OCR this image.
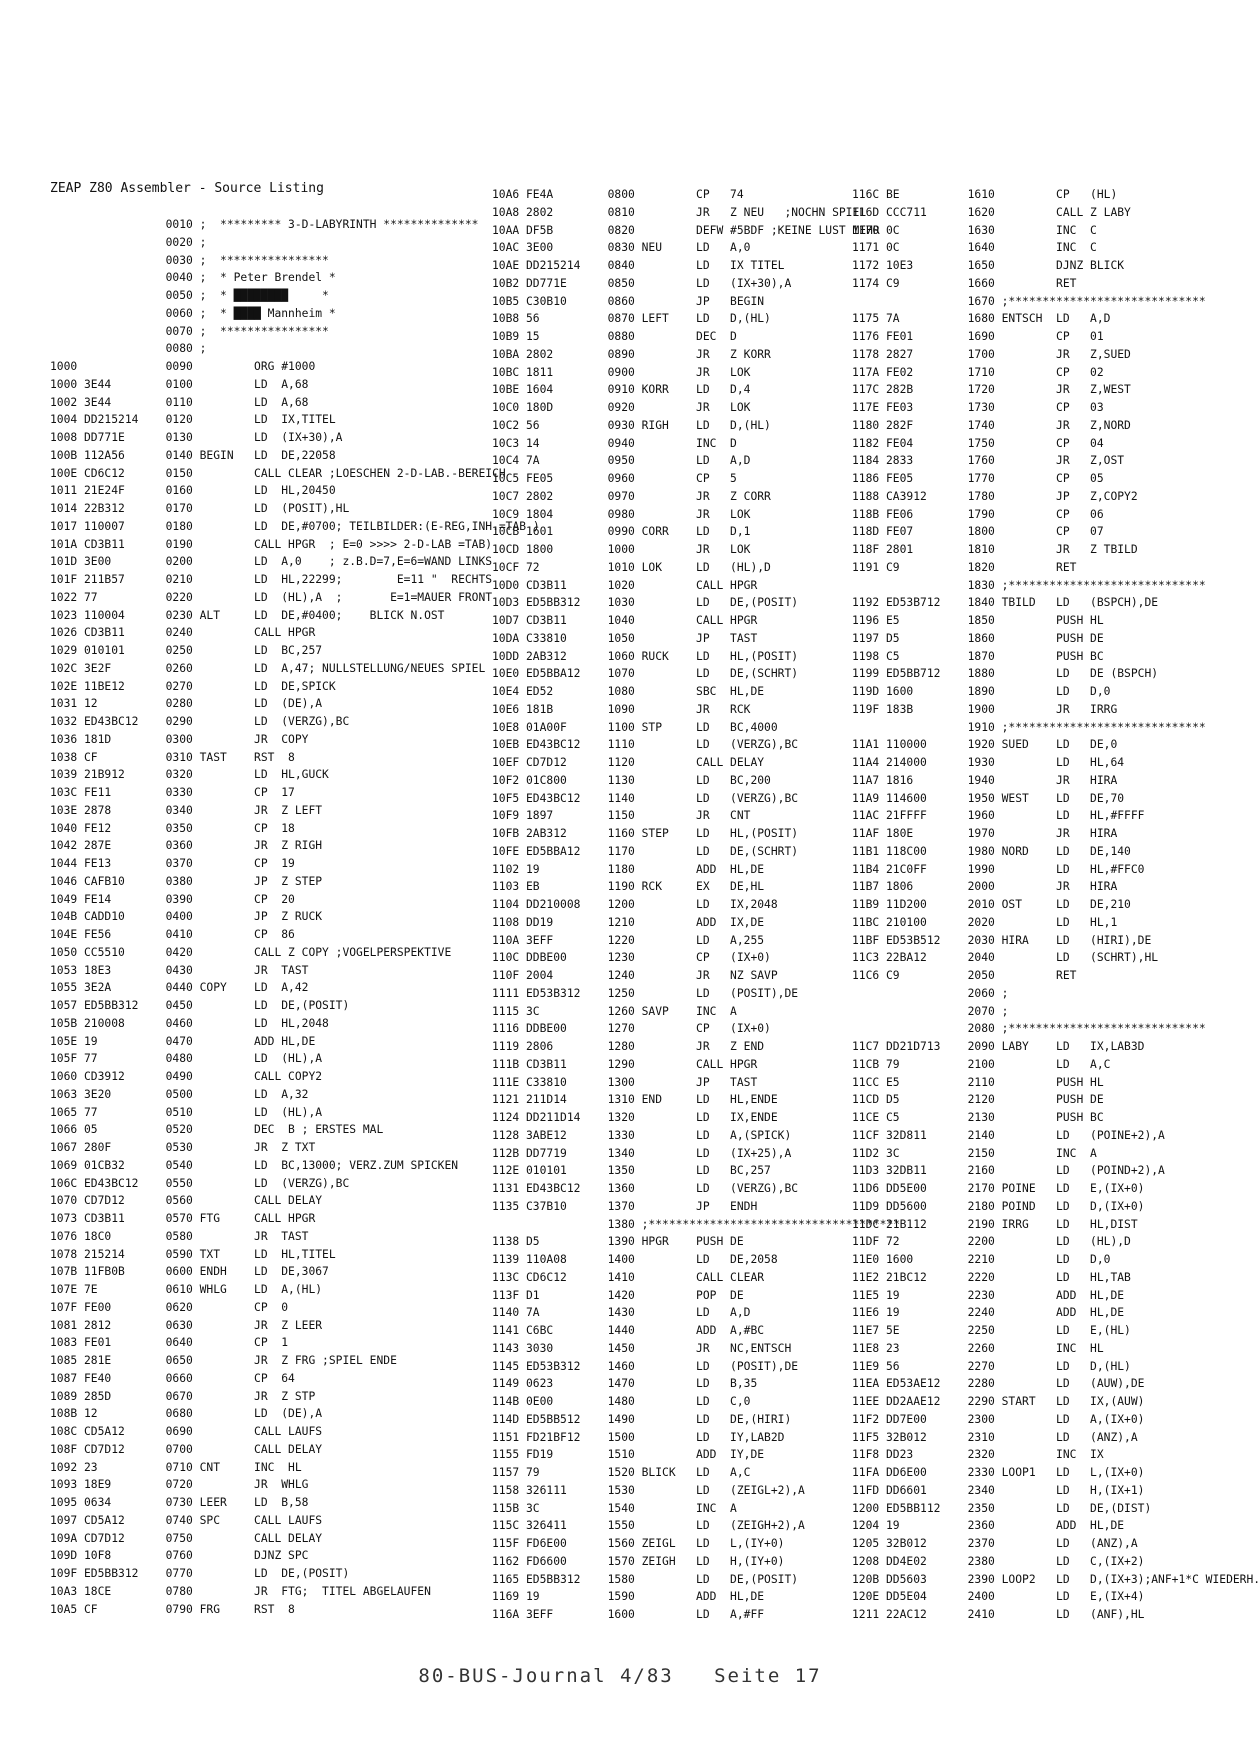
ZEAP Z80 Assembler - Source Listing
0010 ;  ********* 3-D-LABYRINTH **************
0020 ;
0030 ;  ****************
0040 ;  * Peter Brendel *
0050 ;  * ████████     *
0060 ;  * ████ Mannheim *
0070 ;  ****************
0080 ;
1000             0090         ORG #1000
1000 3E44        0100         LD  A,68
1002 3E44        0110         LD  A,68
1004 DD215214    0120         LD  IX,TITEL
1008 DD771E      0130         LD  (IX+30),A
100B 112A56      0140 BEGIN   LD  DE,22058
100E CD6C12      0150         CALL CLEAR ;LOESCHEN 2-D-LAB.-BEREICH
1011 21E24F      0160         LD  HL,20450
1014 22B312      0170         LD  (POSIT),HL
1017 110007      0180         LD  DE,#0700; TEILBILDER:(E-REG,INH.=TAB )
101A CD3B11      0190         CALL HPGR  ; E=0 >>>> 2-D-LAB =TAB)
101D 3E00        0200         LD  A,0    ; z.B.D=7,E=6=WAND LINKS
101F 211B57      0210         LD  HL,22299;        E=11 "  RECHTS
1022 77          0220         LD  (HL),A  ;       E=1=MAUER FRONT
1023 110004      0230 ALT     LD  DE,#0400;    BLICK N.OST
1026 CD3B11      0240         CALL HPGR
1029 010101      0250         LD  BC,257
102C 3E2F        0260         LD  A,47; NULLSTELLUNG/NEUES SPIEL
102E 11BE12      0270         LD  DE,SPICK
1031 12          0280         LD  (DE),A
1032 ED43BC12    0290         LD  (VERZG),BC
1036 181D        0300         JR  COPY
1038 CF          0310 TAST    RST  8
1039 21B912      0320         LD  HL,GUCK
103C FE11        0330         CP  17
103E 2878        0340         JR  Z LEFT
1040 FE12        0350         CP  18
1042 287E        0360         JR  Z RIGH
1044 FE13        0370         CP  19
1046 CAFB10      0380         JP  Z STEP
1049 FE14        0390         CP  20
104B CADD10      0400         JP  Z RUCK
104E FE56        0410         CP  86
1050 CC5510      0420         CALL Z COPY ;VOGELPERSPEKTIVE
1053 18E3        0430         JR  TAST
1055 3E2A        0440 COPY    LD  A,42
1057 ED5BB312    0450         LD  DE,(POSIT)
105B 210008      0460         LD  HL,2048
105E 19          0470         ADD HL,DE
105F 77          0480         LD  (HL),A
1060 CD3912      0490         CALL COPY2
1063 3E20        0500         LD  A,32
1065 77          0510         LD  (HL),A
1066 05          0520         DEC  B ; ERSTES MAL
1067 280F        0530         JR  Z TXT
1069 01CB32      0540         LD  BC,13000; VERZ.ZUM SPICKEN
106C ED43BC12    0550         LD  (VERZG),BC
1070 CD7D12      0560         CALL DELAY
1073 CD3B11      0570 FTG     CALL HPGR
1076 18C0        0580         JR  TAST
1078 215214      0590 TXT     LD  HL,TITEL
107B 11FB0B      0600 ENDH    LD  DE,3067
107E 7E          0610 WHLG    LD  A,(HL)
107F FE00        0620         CP  0
1081 2812        0630         JR  Z LEER
1083 FE01        0640         CP  1
1085 281E        0650         JR  Z FRG ;SPIEL ENDE
1087 FE40        0660         CP  64
1089 285D        0670         JR  Z STP
108B 12          0680         LD  (DE),A
108C CD5A12      0690         CALL LAUFS
108F CD7D12      0700         CALL DELAY
1092 23          0710 CNT     INC  HL
1093 18E9        0720         JR  WHLG
1095 0634        0730 LEER    LD  B,58
1097 CD5A12      0740 SPC     CALL LAUFS
109A CD7D12      0750         CALL DELAY
109D 10F8        0760         DJNZ SPC
109F ED5BB312    0770         LD  DE,(POSIT)
10A3 18CE        0780         JR  FTG;  TITEL ABGELAUFEN
10A5 CF          0790 FRG     RST  8
10A6 FE4A        0800         CP   74
10A8 2802        0810         JR   Z NEU   ;NOCHN SPIEL
10AA DF5B        0820         DEFW #5BDF ;KEINE LUST MEHR
10AC 3E00        0830 NEU     LD   A,0
10AE DD215214    0840         LD   IX TITEL
10B2 DD771E      0850         LD   (IX+30),A
10B5 C30B10      0860         JP   BEGIN
10B8 56          0870 LEFT    LD   D,(HL)
10B9 15          0880         DEC  D
10BA 2802        0890         JR   Z KORR
10BC 1811        0900         JR   LOK
10BE 1604        0910 KORR    LD   D,4
10C0 180D        0920         JR   LOK
10C2 56          0930 RIGH    LD   D,(HL)
10C3 14          0940         INC  D
10C4 7A          0950         LD   A,D
10C5 FE05        0960         CP   5
10C7 2802        0970         JR   Z CORR
10C9 1804        0980         JR   LOK
10CB 1601        0990 CORR    LD   D,1
10CD 1800        1000         JR   LOK
10CF 72          1010 LOK     LD   (HL),D
10D0 CD3B11      1020         CALL HPGR
10D3 ED5BB312    1030         LD   DE,(POSIT)
10D7 CD3B11      1040         CALL HPGR
10DA C33810      1050         JP   TAST
10DD 2AB312      1060 RUCK    LD   HL,(POSIT)
10E0 ED5BBA12    1070         LD   DE,(SCHRT)
10E4 ED52        1080         SBC  HL,DE
10E6 181B        1090         JR   RCK
10E8 01A00F      1100 STP     LD   BC,4000
10EB ED43BC12    1110         LD   (VERZG),BC
10EF CD7D12      1120         CALL DELAY
10F2 01C800      1130         LD   BC,200
10F5 ED43BC12    1140         LD   (VERZG),BC
10F9 1897        1150         JR   CNT
10FB 2AB312      1160 STEP    LD   HL,(POSIT)
10FE ED5BBA12    1170         LD   DE,(SCHRT)
1102 19          1180         ADD  HL,DE
1103 EB          1190 RCK     EX   DE,HL
1104 DD210008    1200         LD   IX,2048
1108 DD19        1210         ADD  IX,DE
110A 3EFF        1220         LD   A,255
110C DDBE00      1230         CP   (IX+0)
110F 2004        1240         JR   NZ SAVP
1111 ED53B312    1250         LD   (POSIT),DE
1115 3C          1260 SAVP    INC  A
1116 DDBE00      1270         CP   (IX+0)
1119 2806        1280         JR   Z END
111B CD3B11      1290         CALL HPGR
111E C33810      1300         JP   TAST
1121 211D14      1310 END     LD   HL,ENDE
1124 DD211D14    1320         LD   IX,ENDE
1128 3ABE12      1330         LD   A,(SPICK)
112B DD7719      1340         LD   (IX+25),A
112E 010101      1350         LD   BC,257
1131 ED43BC12    1360         LD   (VERZG),BC
1135 C37B10      1370         JP   ENDH
1380 ;*************************************
1138 D5          1390 HPGR    PUSH DE
1139 110A08      1400         LD   DE,2058
113C CD6C12      1410         CALL CLEAR
113F D1          1420         POP  DE
1140 7A          1430         LD   A,D
1141 C6BC        1440         ADD  A,#BC
1143 3030        1450         JR   NC,ENTSCH
1145 ED53B312    1460         LD   (POSIT),DE
1149 0623        1470         LD   B,35
114B 0E00        1480         LD   C,0
114D ED5BB512    1490         LD   DE,(HIRI)
1151 FD21BF12    1500         LD   IY,LAB2D
1155 FD19        1510         ADD  IY,DE
1157 79          1520 BLICK   LD   A,C
1158 326111      1530         LD   (ZEIGL+2),A
115B 3C          1540         INC  A
115C 326411      1550         LD   (ZEIGH+2),A
115F FD6E00      1560 ZEIGL   LD   L,(IY+0)
1162 FD6600      1570 ZEIGH   LD   H,(IY+0)
1165 ED5BB312    1580         LD   DE,(POSIT)
1169 19          1590         ADD  HL,DE
116A 3EFF        1600         LD   A,#FF
116C BE          1610         CP   (HL)
116D CCC711      1620         CALL Z LABY
1170 0C          1630         INC  C
1171 0C          1640         INC  C
1172 10E3        1650         DJNZ BLICK
1174 C9          1660         RET
1670 ;*****************************
1175 7A          1680 ENTSCH  LD   A,D
1176 FE01        1690         CP   01
1178 2827        1700         JR   Z,SUED
117A FE02        1710         CP   02
117C 282B        1720         JR   Z,WEST
117E FE03        1730         CP   03
1180 282F        1740         JR   Z,NORD
1182 FE04        1750         CP   04
1184 2833        1760         JR   Z,OST
1186 FE05        1770         CP   05
1188 CA3912      1780         JP   Z,COPY2
118B FE06        1790         CP   06
118D FE07        1800         CP   07
118F 2801        1810         JR   Z TBILD
1191 C9          1820         RET
1830 ;*****************************
1192 ED53B712    1840 TBILD   LD   (BSPCH),DE
1196 E5          1850         PUSH HL
1197 D5          1860         PUSH DE
1198 C5          1870         PUSH BC
1199 ED5BB712    1880         LD   DE (BSPCH)
119D 1600        1890         LD   D,0
119F 183B        1900         JR   IRRG
1910 ;*****************************
11A1 110000      1920 SUED    LD   DE,0
11A4 214000      1930         LD   HL,64
11A7 1816        1940         JR   HIRA
11A9 114600      1950 WEST    LD   DE,70
11AC 21FFFF      1960         LD   HL,#FFFF
11AF 180E        1970         JR   HIRA
11B1 118C00      1980 NORD    LD   DE,140
11B4 21C0FF      1990         LD   HL,#FFC0
11B7 1806        2000         JR   HIRA
11B9 11D200      2010 OST     LD   DE,210
11BC 210100      2020         LD   HL,1
11BF ED53B512    2030 HIRA    LD   (HIRI),DE
11C3 22BA12      2040         LD   (SCHRT),HL
11C6 C9          2050         RET
2060 ;
2070 ;
2080 ;*****************************
11C7 DD21D713    2090 LABY    LD   IX,LAB3D
11CB 79          2100         LD   A,C
11CC E5          2110         PUSH HL
11CD D5          2120         PUSH DE
11CE C5          2130         PUSH BC
11CF 32D811      2140         LD   (POINE+2),A
11D2 3C          2150         INC  A
11D3 32DB11      2160         LD   (POIND+2),A
11D6 DD5E00      2170 POINE   LD   E,(IX+0)
11D9 DD5600      2180 POIND   LD   D,(IX+0)
11DC 21B112      2190 IRRG    LD   HL,DIST
11DF 72          2200         LD   (HL),D
11E0 1600        2210         LD   D,0
11E2 21BC12      2220         LD   HL,TAB
11E5 19          2230         ADD  HL,DE
11E6 19          2240         ADD  HL,DE
11E7 5E          2250         LD   E,(HL)
11E8 23          2260         INC  HL
11E9 56          2270         LD   D,(HL)
11EA ED53AE12    2280         LD   (AUW),DE
11EE DD2AAE12    2290 START   LD   IX,(AUW)
11F2 DD7E00      2300         LD   A,(IX+0)
11F5 32B012      2310         LD   (ANZ),A
11F8 DD23        2320         INC  IX
11FA DD6E00      2330 LOOP1   LD   L,(IX+0)
11FD DD6601      2340         LD   H,(IX+1)
1200 ED5BB112    2350         LD   DE,(DIST)
1204 19          2360         ADD  HL,DE
1205 32B012      2370         LD   (ANZ),A
1208 DD4E02      2380         LD   C,(IX+2)
120B DD5603      2390 LOOP2   LD   D,(IX+3);ANF+1*C WIEDERH.
120E DD5E04      2400         LD   E,(IX+4)
1211 22AC12      2410         LD   (ANF),HL
80-BUS-Journal 4/83   Seite 17
